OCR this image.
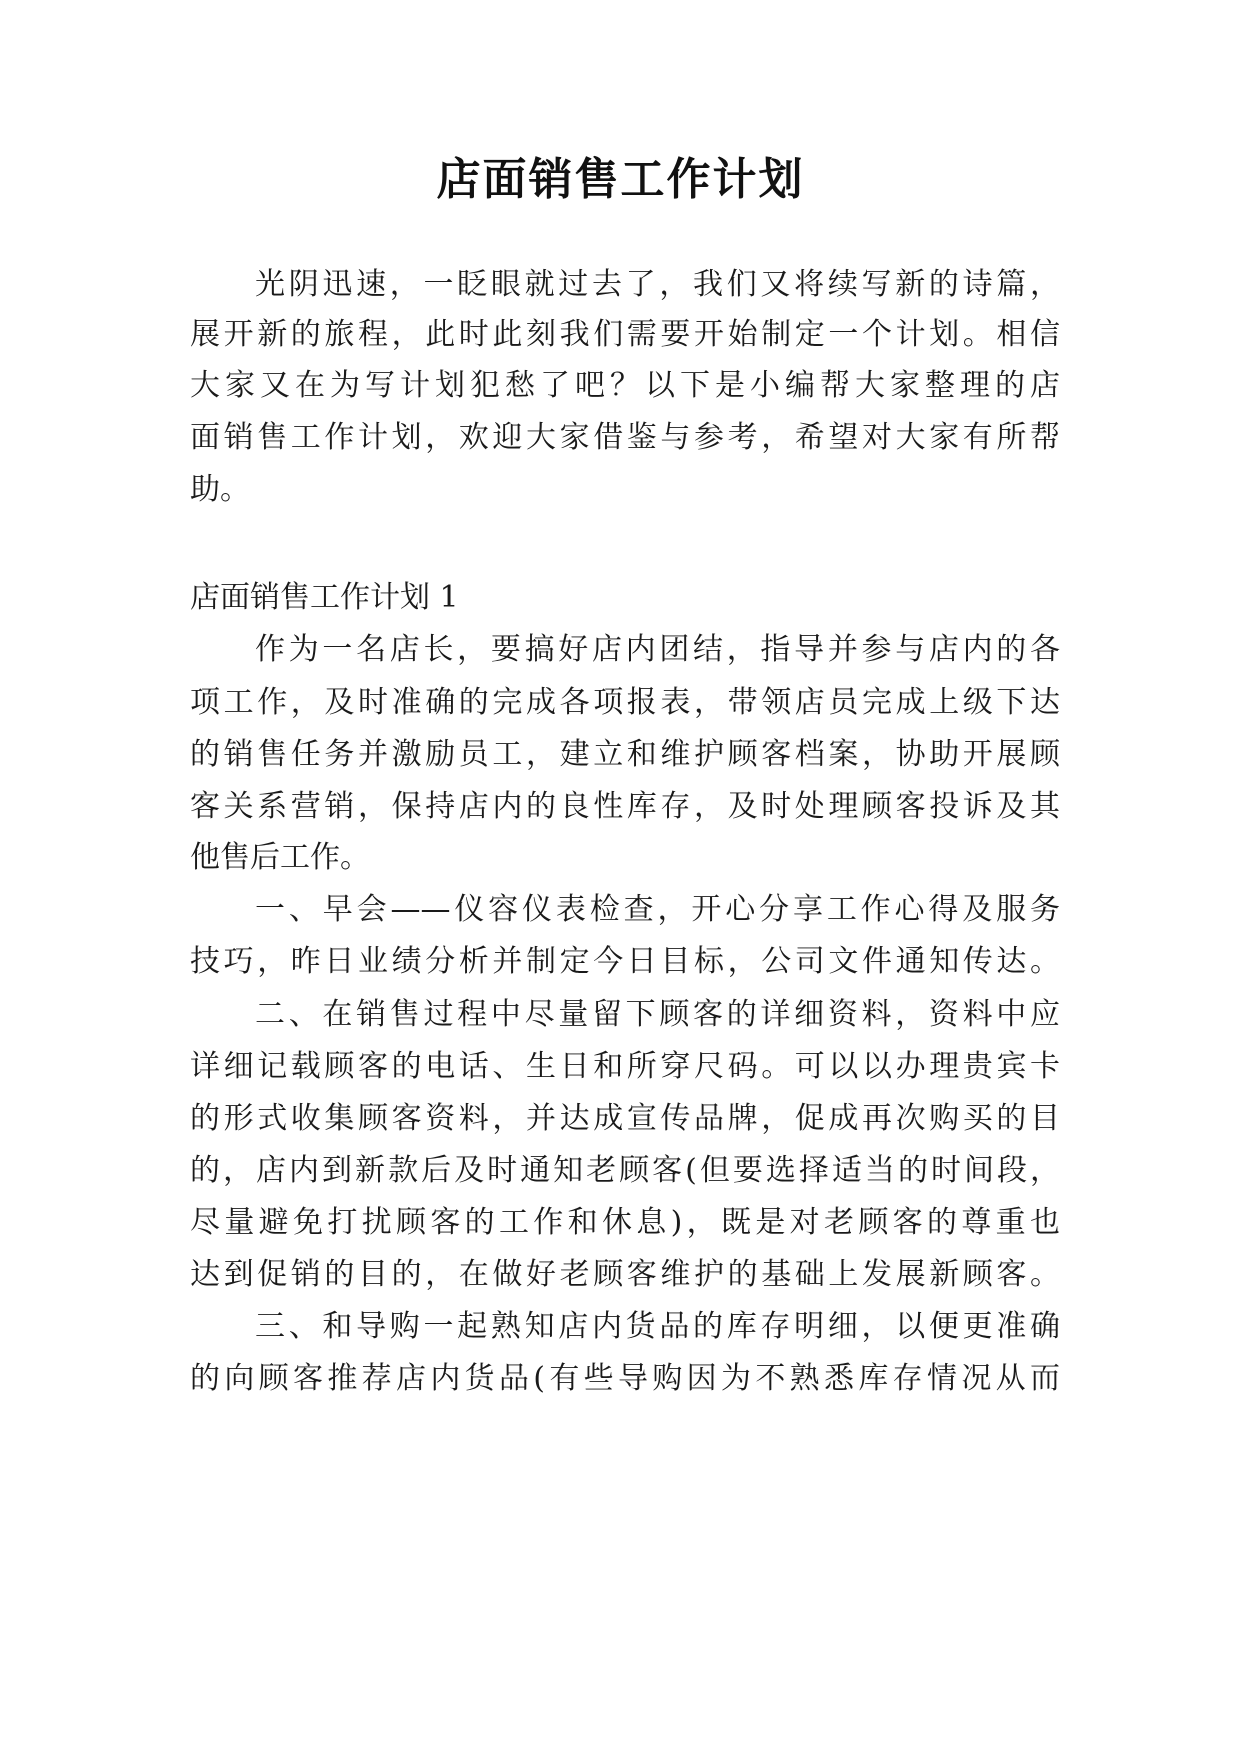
店面销售工作计划

光阴迅速，一眨眼就过去了，我们又将续写新的诗篇，

展开新的旅程，此时此刻我们需要开始制定一个计划。相信

大家又在为写计划犯愁了吧？以下是小编帮大家整理的店

面销售工作计划，欢迎大家借鉴与参考，希望对大家有所帮

助。

店面销售工作计划 1

作为一名店长，要搞好店内团结，指导并参与店内的各

项工作，及时准确的完成各项报表，带领店员完成上级下达

的销售任务并激励员工，建立和维护顾客档案，协助开展顾

客关系营销，保持店内的良性库存，及时处理顾客投诉及其

他售后工作。

一、早会——仪容仪表检查，开心分享工作心得及服务

技巧，昨日业绩分析并制定今日目标，公司文件通知传达。

二、在销售过程中尽量留下顾客的详细资料，资料中应

详细记载顾客的电话、生日和所穿尺码。可以以办理贵宾卡

的形式收集顾客资料，并达成宣传品牌，促成再次购买的目

的，店内到新款后及时通知老顾客(但要选择适当的时间段，

尽量避免打扰顾客的工作和休息)，既是对老顾客的尊重也

达到促销的目的，在做好老顾客维护的基础上发展新顾客。

三、和导购一起熟知店内货品的库存明细，以便更准确

的向顾客推荐店内货品(有些导购因为不熟悉库存情况从而
